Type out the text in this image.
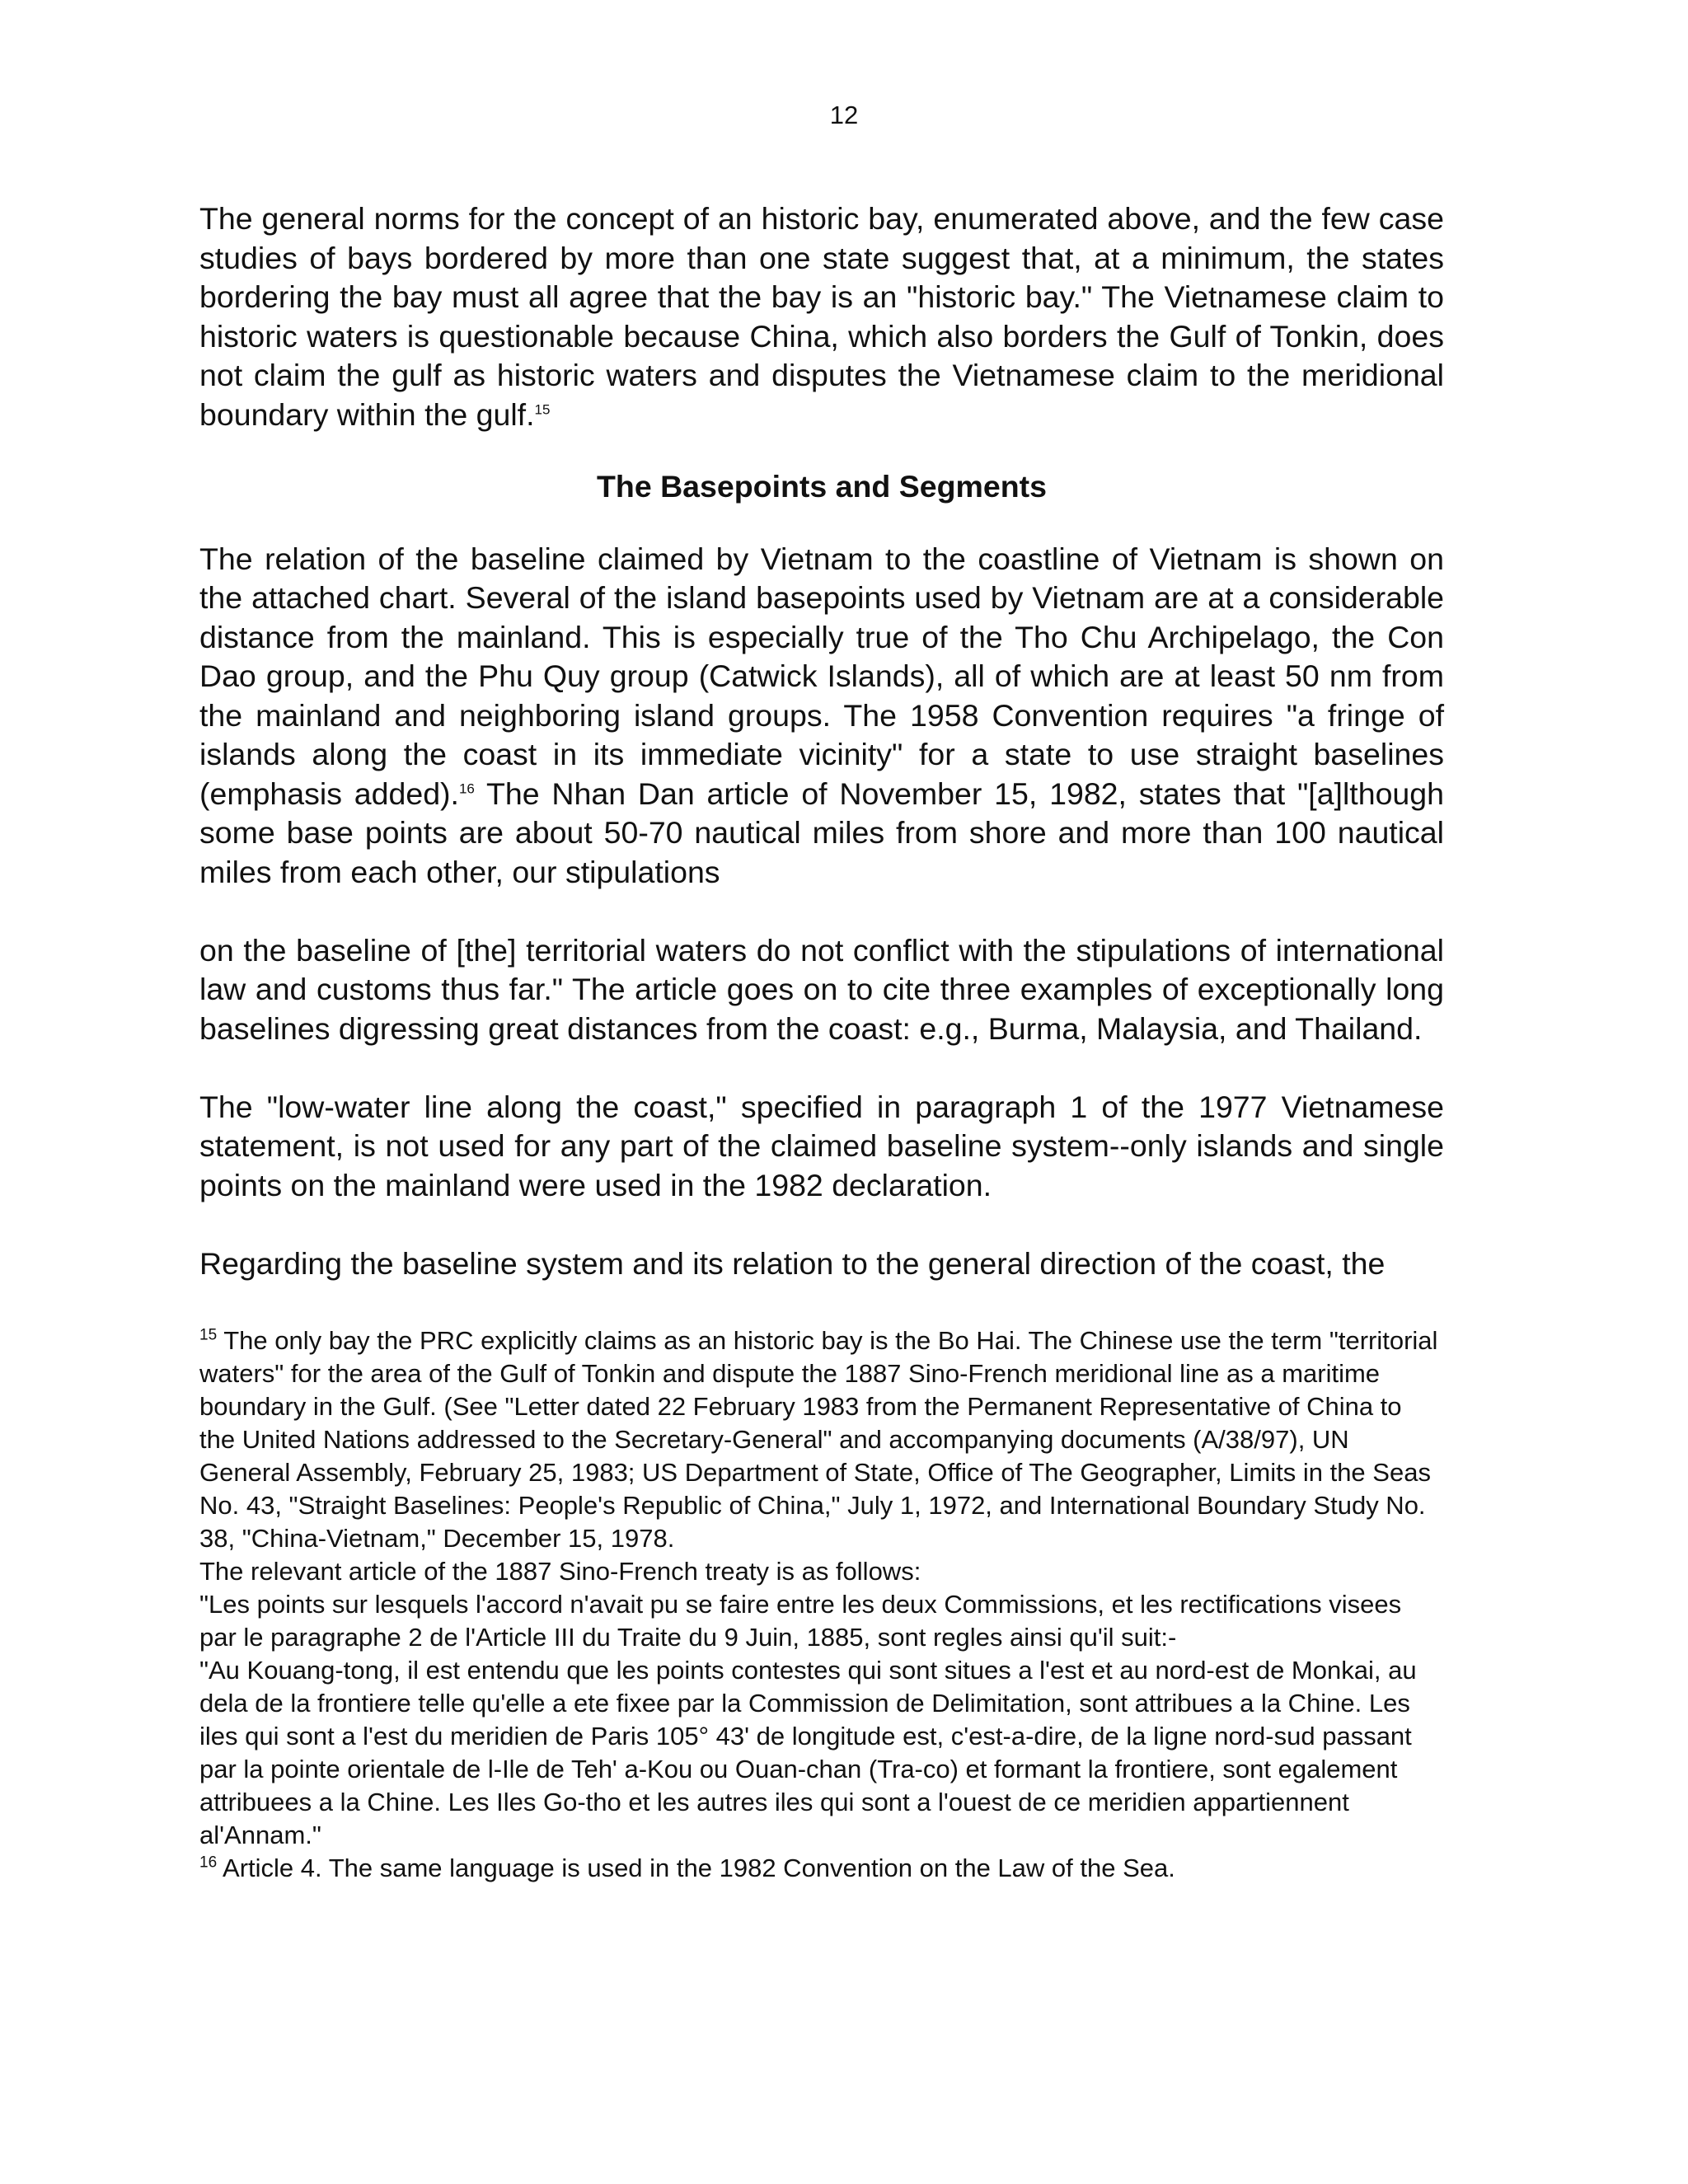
12

The general norms for the concept of an historic bay, enumerated above, and the few case studies of bays bordered by more than one state suggest that, at a minimum, the states bordering the bay must all agree that the bay is an "historic bay." The Vietnamese claim to historic waters is questionable because China, which also borders the Gulf of Tonkin, does not claim the gulf as historic waters and disputes the Vietnamese claim to the meridional boundary within the gulf.$^{15}$

The Basepoints and Segments

The relation of the baseline claimed by Vietnam to the coastline of Vietnam is shown on the attached chart. Several of the island basepoints used by Vietnam are at a considerable distance from the mainland. This is especially true of the Tho Chu Archipelago, the Con Dao group, and the Phu Quy group (Catwick Islands), all of which are at least 50 nm from the mainland and neighboring island groups. The 1958 Convention requires "a fringe of islands along the coast in its immediate vicinity" for a state to use straight baselines (emphasis added).$^{16}$ The Nhan Dan article of November 15, 1982, states that "[a]lthough some base points are about 50-70 nautical miles from shore and more than 100 nautical miles from each other, our stipulations

on the baseline of [the] territorial waters do not conflict with the stipulations of international law and customs thus far." The article goes on to cite three examples of exceptionally long baselines digressing great distances from the coast: e.g., Burma, Malaysia, and Thailand.

The "low-water line along the coast," specified in paragraph 1 of the 1977 Vietnamese statement, is not used for any part of the claimed baseline system--only islands and single points on the mainland were used in the 1982 declaration.

Regarding the baseline system and its relation to the general direction of the coast, the

$^{15}$ The only bay the PRC explicitly claims as an historic bay is the Bo Hai. The Chinese use the term "territorial waters" for the area of the Gulf of Tonkin and dispute the 1887 Sino-French meridional line as a maritime boundary in the Gulf. (See "Letter dated 22 February 1983 from the Permanent Representative of China to the United Nations addressed to the Secretary-General" and accompanying documents (A/38/97), UN General Assembly, February 25, 1983; US Department of State, Office of The Geographer, Limits in the Seas No. 43, "Straight Baselines: People's Republic of China," July 1, 1972, and International Boundary Study No. 38, "China-Vietnam," December 15, 1978.

The relevant article of the 1887 Sino-French treaty is as follows:

"Les points sur lesquels l'accord n'avait pu se faire entre les deux Commissions, et les rectifications visees par le paragraphe 2 de l'Article III du Traite du 9 Juin, 1885, sont regles ainsi qu'il suit:-

"Au Kouang-tong, il est entendu que les points contestes qui sont situes a l'est et au nord-est de Monkai, au dela de la frontiere telle qu'elle a ete fixee par la Commission de Delimitation, sont attribues a la Chine. Les iles qui sont a l'est du meridien de Paris 105° 43' de longitude est, c'est-a-dire, de la ligne nord-sud passant par la pointe orientale de l-Ile de Teh' a-Kou ou Ouan-chan (Tra-co) et formant la frontiere, sont egalement attribuees a la Chine. Les Iles Go-tho et les autres iles qui sont a l'ouest de ce meridien appartiennent al'Annam."

$^{16}$ Article 4. The same language is used in the 1982 Convention on the Law of the Sea.
